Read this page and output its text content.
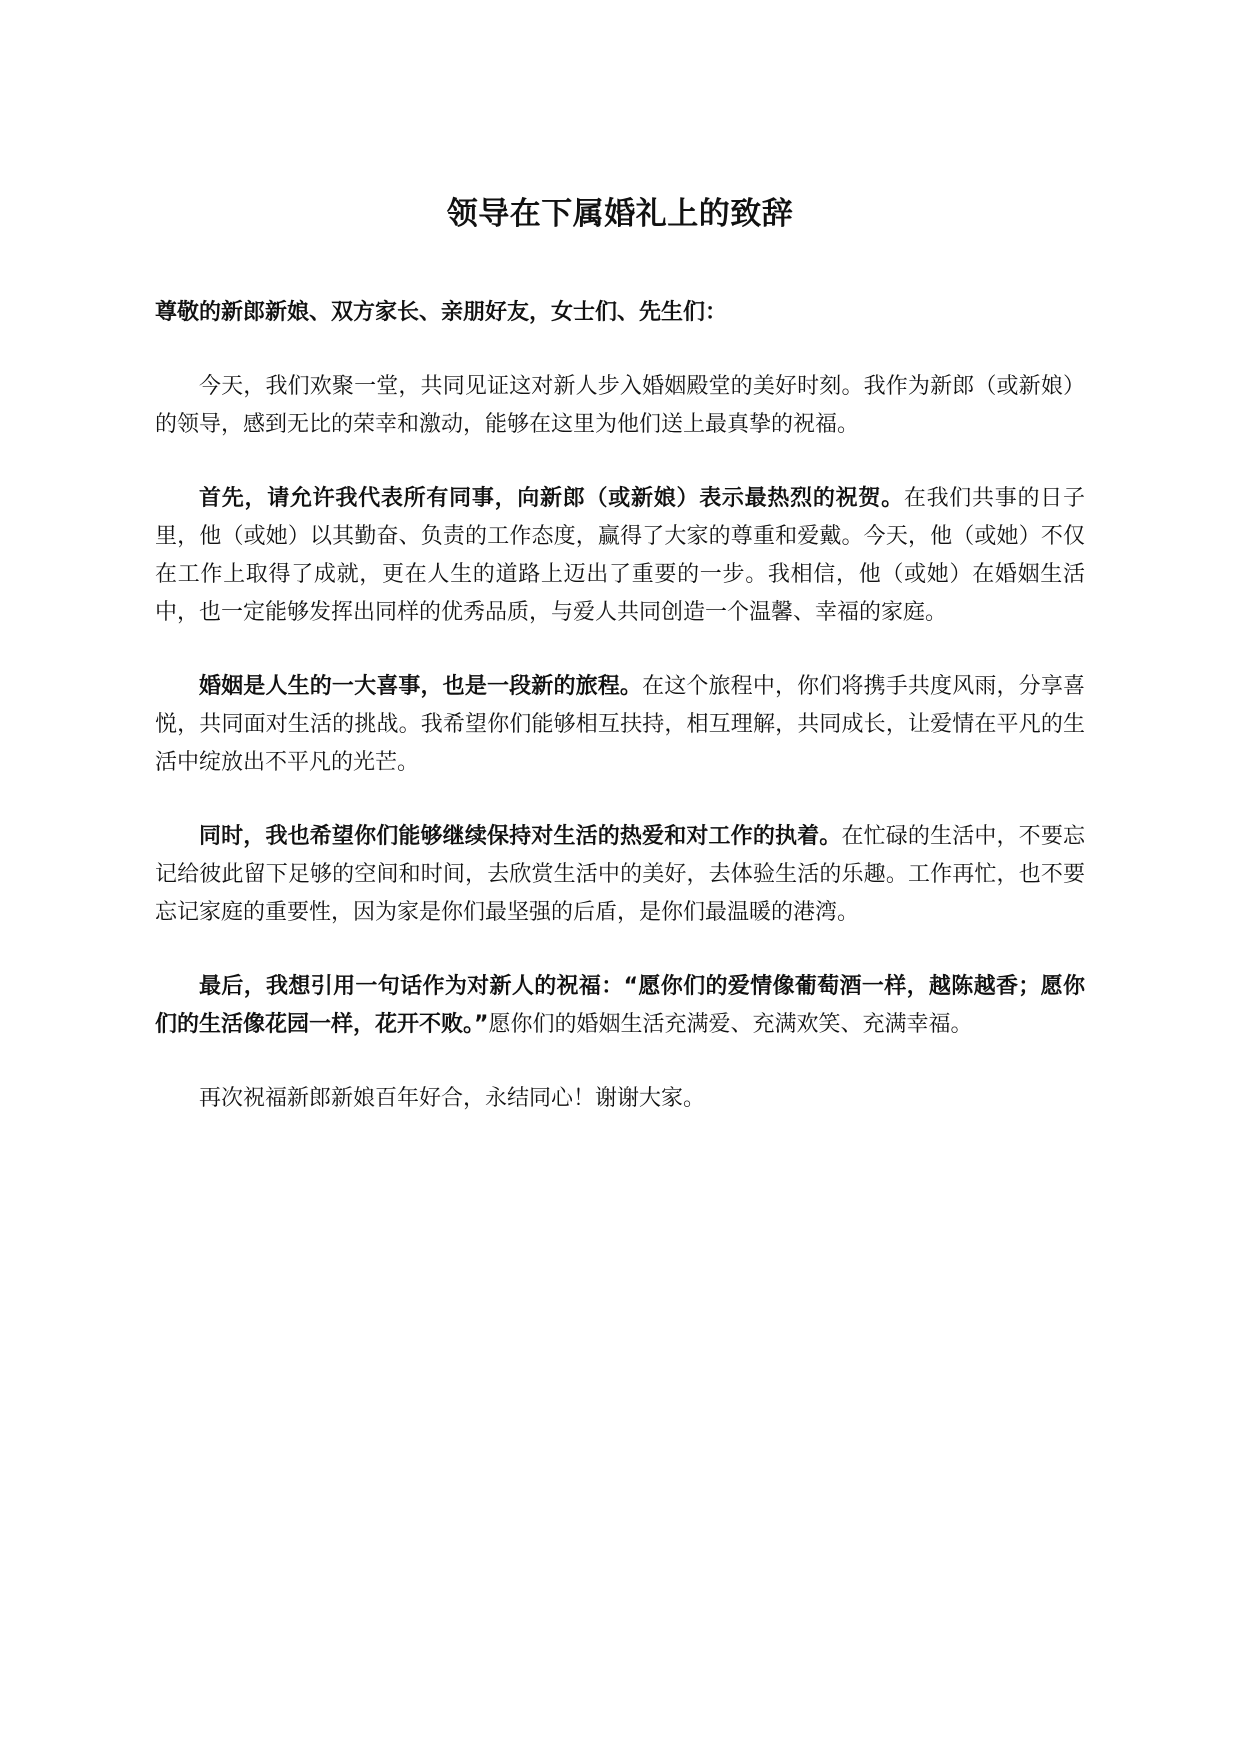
领导在下属婚礼上的致辞

尊敬的新郎新娘、双方家长、亲朋好友，女士们、先生们：

今天，我们欢聚一堂，共同见证这对新人步入婚姻殿堂的美好时刻。我作为新郎（或新娘）的领导，感到无比的荣幸和激动，能够在这里为他们送上最真挚的祝福。

首先，请允许我代表所有同事，向新郎（或新娘）表示最热烈的祝贺。在我们共事的日子里，他（或她）以其勤奋、负责的工作态度，赢得了大家的尊重和爱戴。今天，他（或她）不仅在工作上取得了成就，更在人生的道路上迈出了重要的一步。我相信，他（或她）在婚姻生活中，也一定能够发挥出同样的优秀品质，与爱人共同创造一个温馨、幸福的家庭。

婚姻是人生的一大喜事，也是一段新的旅程。在这个旅程中，你们将携手共度风雨，分享喜悦，共同面对生活的挑战。我希望你们能够相互扶持，相互理解，共同成长，让爱情在平凡的生活中绽放出不平凡的光芒。

同时，我也希望你们能够继续保持对生活的热爱和对工作的执着。在忙碌的生活中，不要忘记给彼此留下足够的空间和时间，去欣赏生活中的美好，去体验生活的乐趣。工作再忙，也不要忘记家庭的重要性，因为家是你们最坚强的后盾，是你们最温暖的港湾。

最后，我想引用一句话作为对新人的祝福：“愿你们的爱情像葡萄酒一样，越陈越香；愿你们的生活像花园一样，花开不败。”愿你们的婚姻生活充满爱、充满欢笑、充满幸福。

再次祝福新郎新娘百年好合，永结同心！谢谢大家。
